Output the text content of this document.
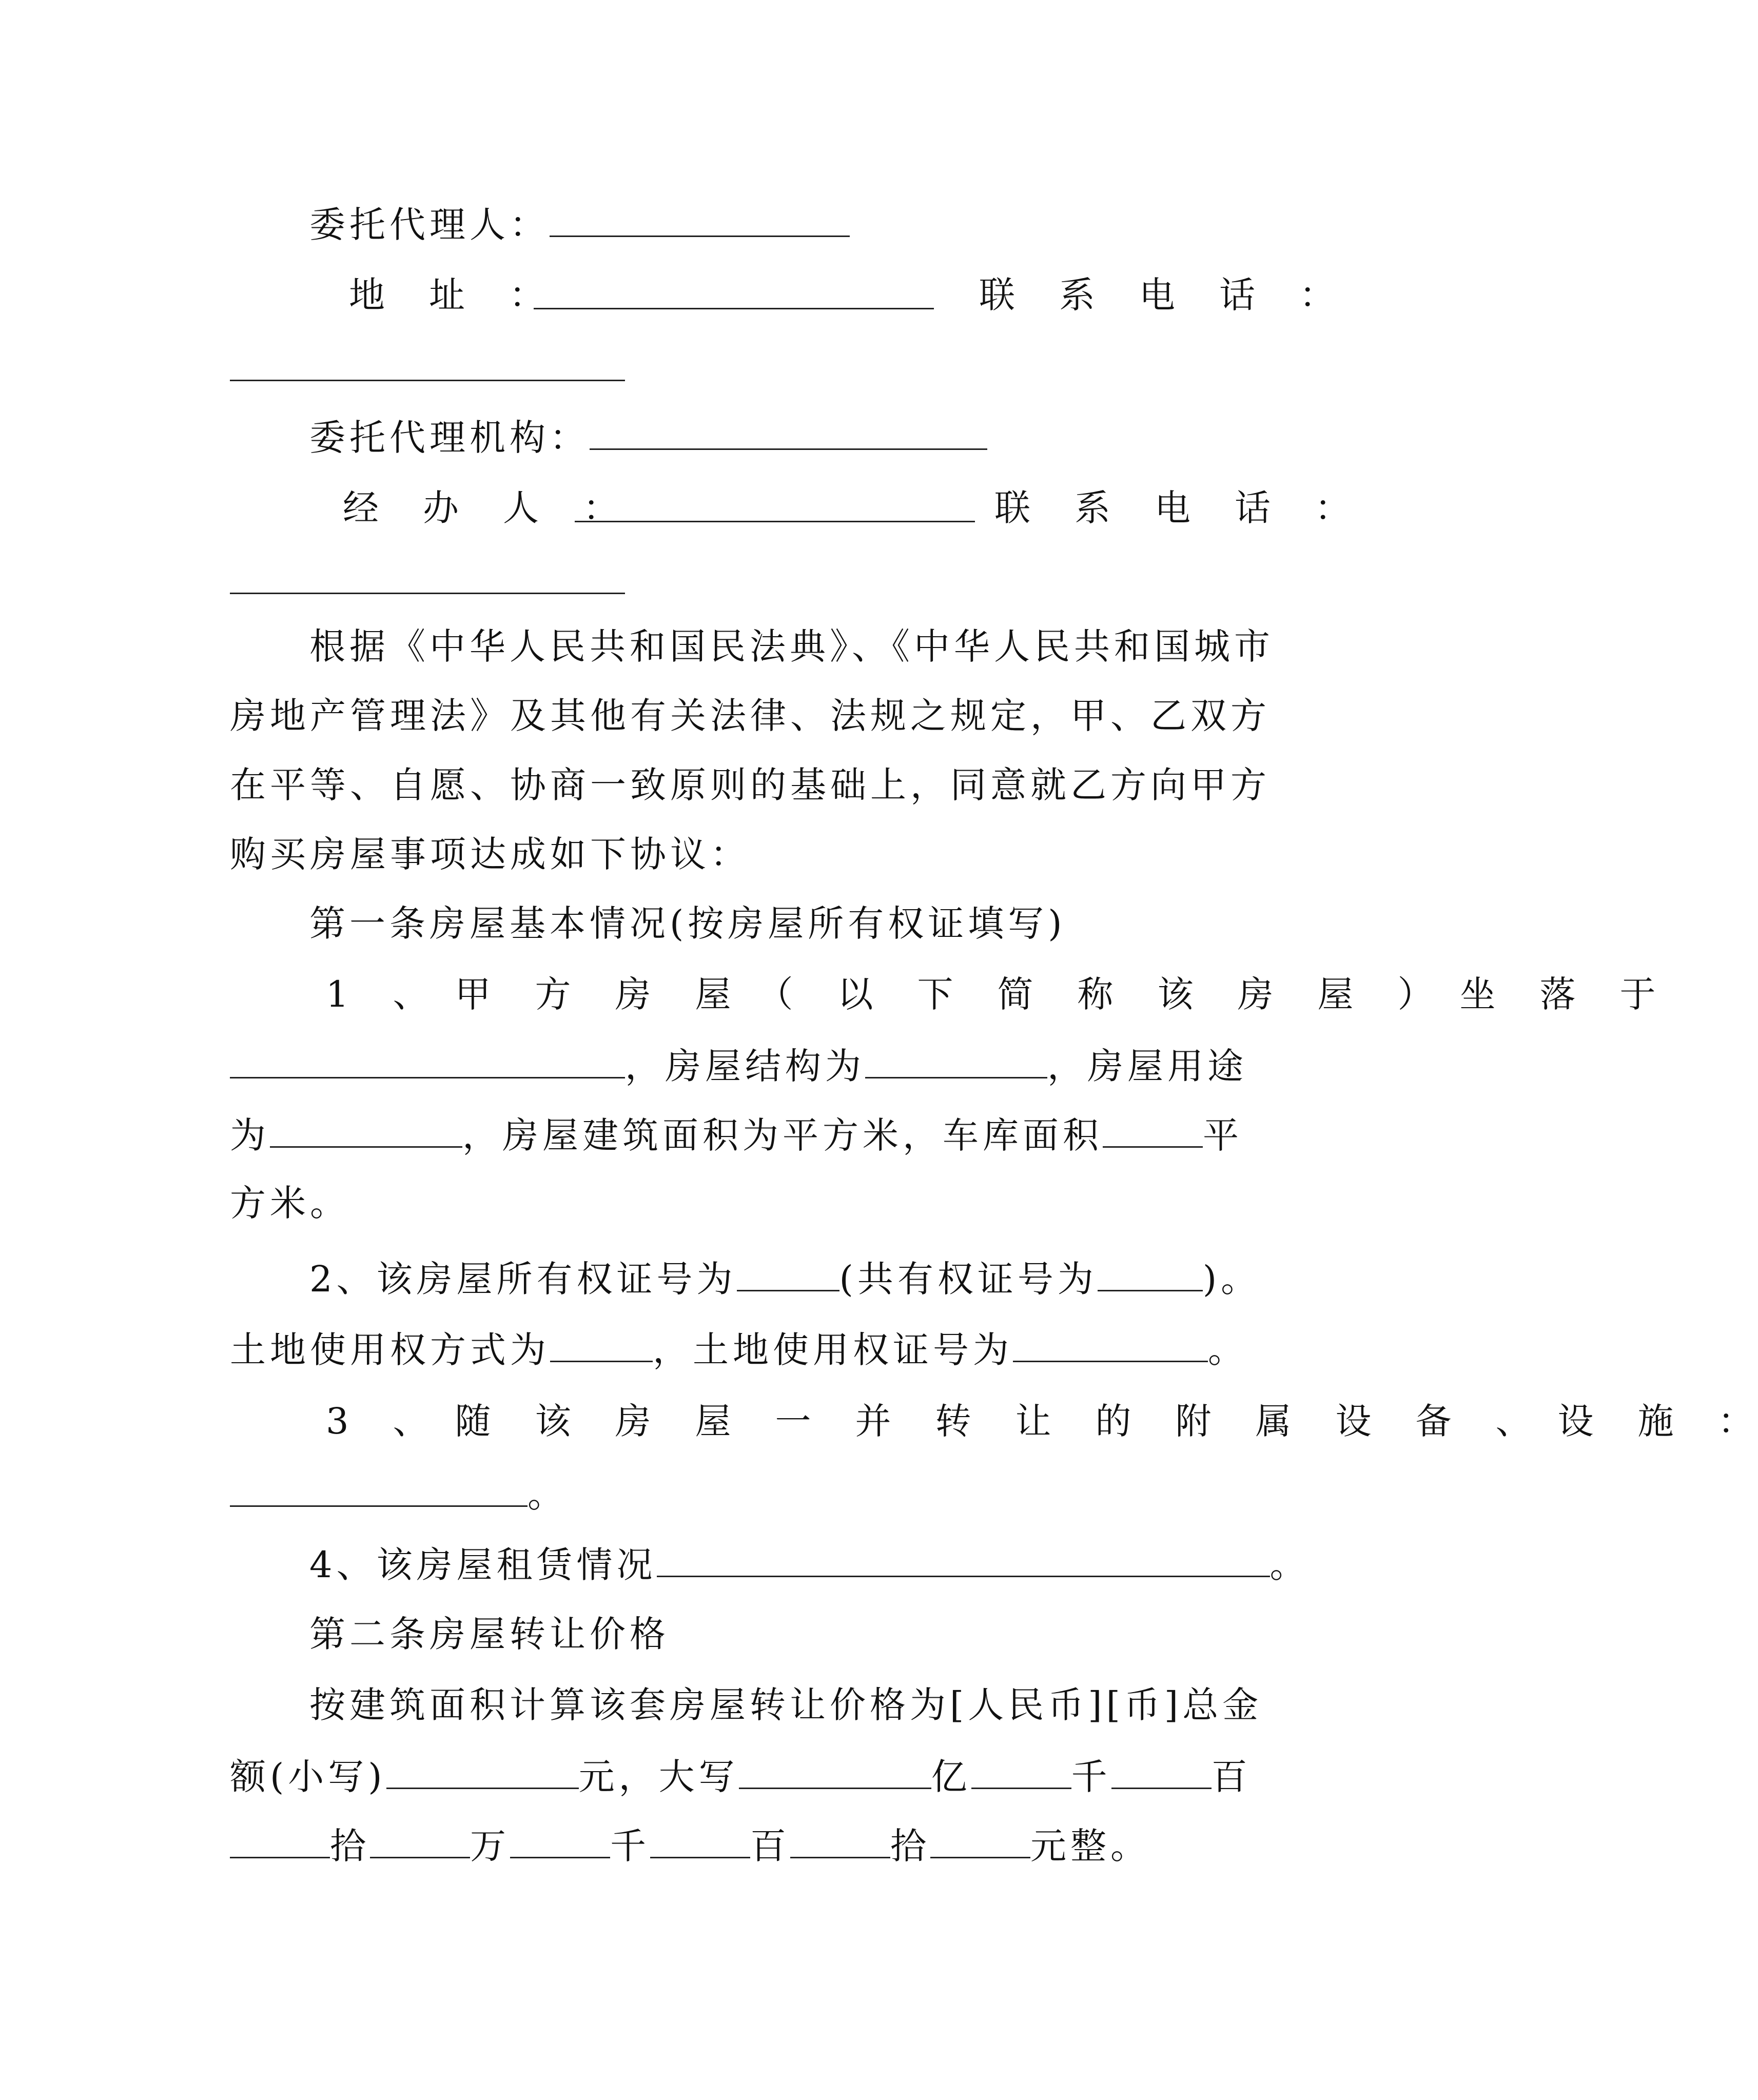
委托代理人：
地　址　：	联　系　电　话　：
委托代理机构：
经　办　人　：	联　系　电　话　：
根据《中华人民共和国民法典》、《中华人民共和国城市
房地产管理法》及其他有关法律、法规之规定，甲、乙双方
在平等、自愿、协商一致原则的基础上，同意就乙方向甲方
购买房屋事项达成如下协议：
第一条房屋基本情况(按房屋所有权证填写)
1　、　甲　方　房　屋　（　以　下　简　称　该　房　屋　）　坐　落　于
，房屋结构为	，房屋用途
为	，房屋建筑面积为平方米，车库面积	平
方米。
2、该房屋所有权证号为	(共有权证号为	)。
土地使用权方式为	，土地使用权证号为	。
3　、　随　该　房　屋　一　并　转　让　的　附　属　设　备　、　设　施　：
。
4、该房屋租赁情况	。
第二条房屋转让价格
按建筑面积计算该套房屋转让价格为[人民币][币]总金
额(小写)	元，大写	亿	千	百
拾	万	千	百	拾	元整。
